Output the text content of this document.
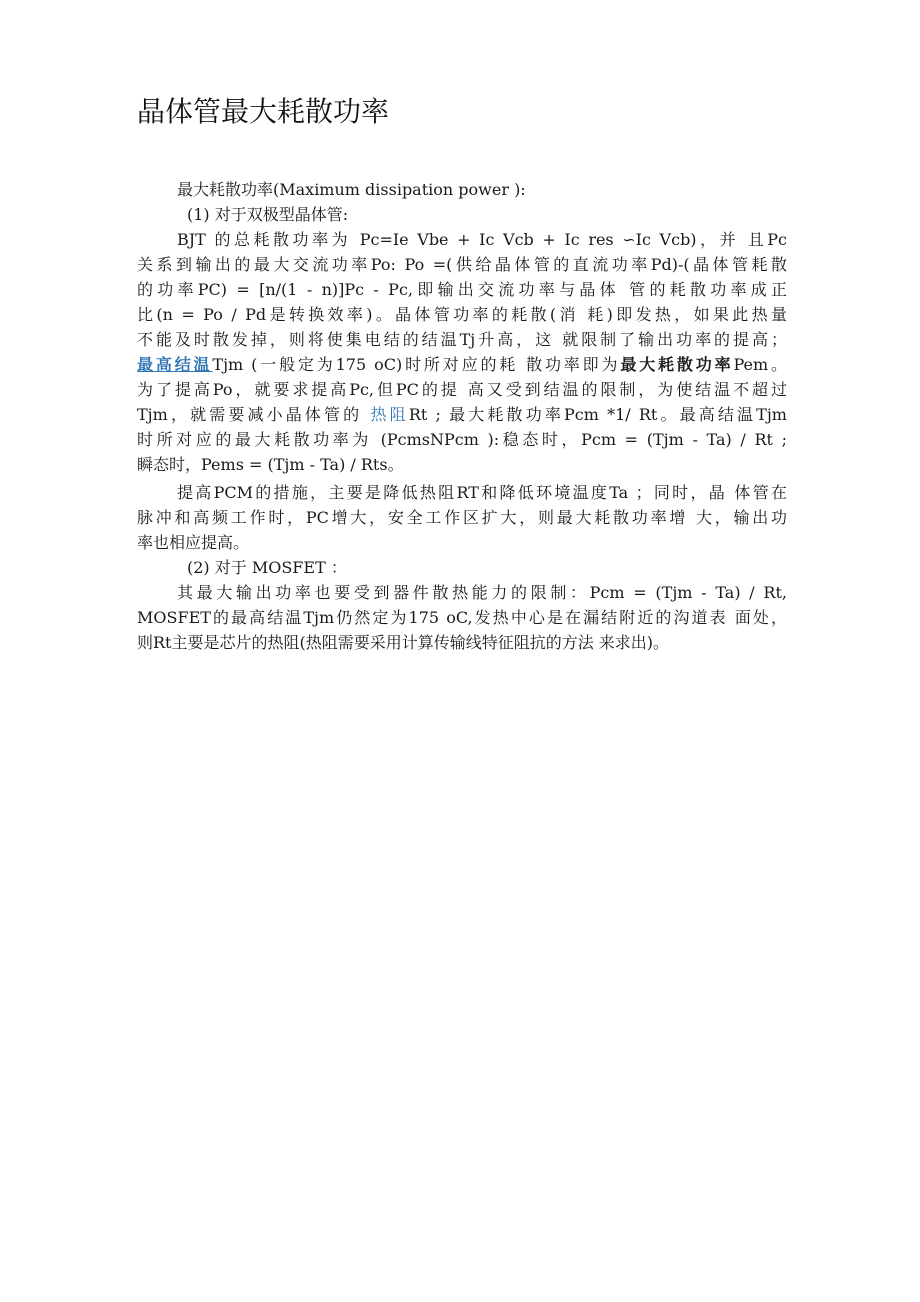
晶体管最大耗散功率
最大耗散功率(Maximum dissipation power ):
(1) 对于双极型晶体管:
BJT 的总耗散功率为 Pc=Ie Vbe + Ic Vcb + Ic res ∽Ic Vcb)，并 且Pc
关系到输出的最大交流功率Po: Po =(供给晶体管的直流功率Pd)-(晶体管耗散
的功率PC) = [n/(1 - n)]Pc - Pc,即输出交流功率与晶体 管的耗散功率成正
比(n = Po / Pd是转换效率)。晶体管功率的耗散(消 耗)即发热，如果此热量
不能及时散发掉，则将使集电结的结温Tj升高，这 就限制了输出功率的提高；
最高结温Tjm (一般定为175 oC)时所对应的耗 散功率即为最大耗散功率Pem。
为了提高Po，就要求提高Pc,但PC的提 高又受到结温的限制，为使结温不超过
Tjm，就需要减小晶体管的 热阻Rt ; 最大耗散功率Pcm *1/ Rt。最高结温Tjm
时所对应的最大耗散功率为 (PcmsNPcm ):稳态时，Pcm = (Tjm - Ta) / Rt ;
瞬态时，Pems = (Tjm - Ta) / Rts。
提高PCM的措施，主要是降低热阻RT和降低环境温度Ta ；同时，晶 体管在
脉冲和高频工作时，PC增大，安全工作区扩大，则最大耗散功率增 大，输出功
率也相应提高。
(2) 对于 MOSFET ：
其最大输出功率也要受到器件散热能力的限制：Pcm = (Tjm - Ta) / Rt,
MOSFET的最高结温Tjm仍然定为175 oC,发热中心是在漏结附近的沟道表 面处，
则Rt主要是芯片的热阻(热阻需要采用计算传输线特征阻抗的方法 来求出)。
